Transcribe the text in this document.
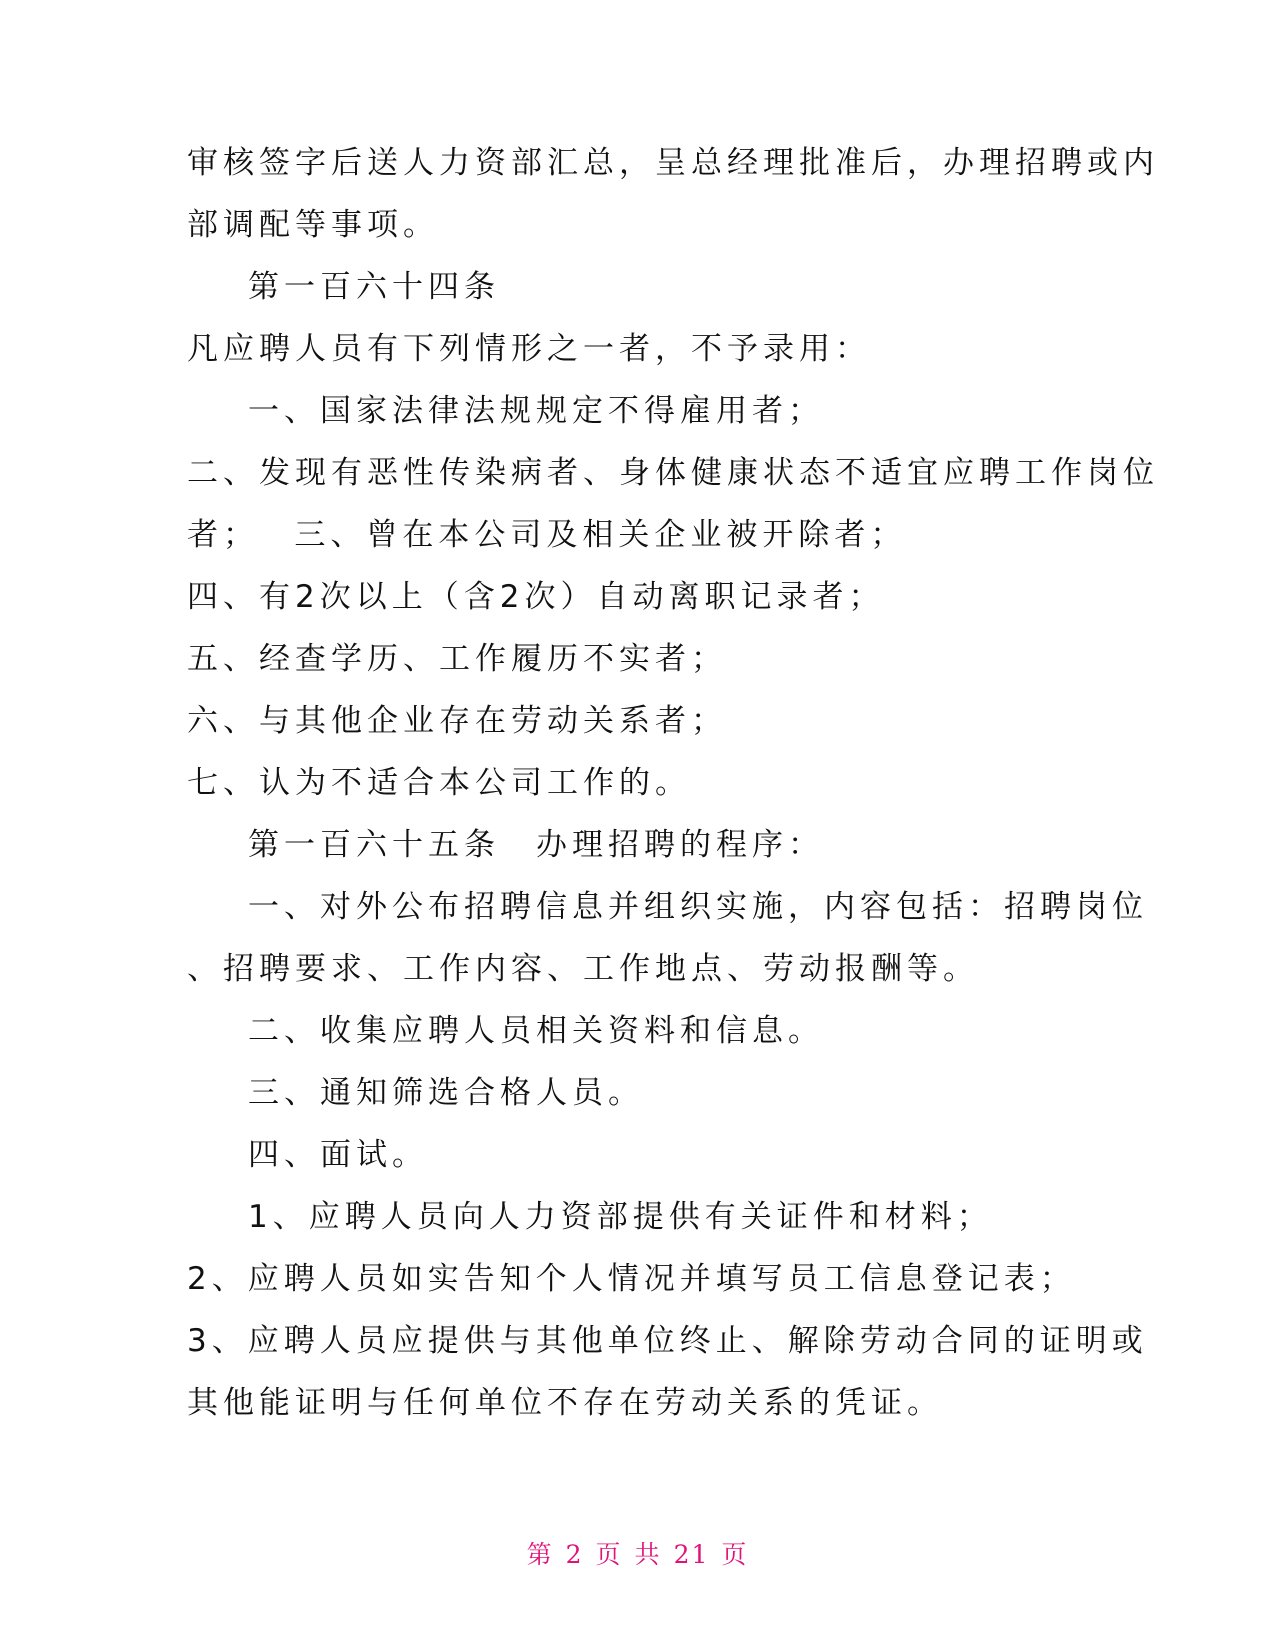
审核签字后送人力资部汇总，呈总经理批准后，办理招聘或内
部调配等事项。
第一百六十四条
凡应聘人员有下列情形之一者，不予录用：
一、国家法律法规规定不得雇用者；
二、发现有恶性传染病者、身体健康状态不适宜应聘工作岗位
者；　 三、曾在本公司及相关企业被开除者；
四、有2次以上（含2次）自动离职记录者；
五、经查学历、工作履历不实者；
六、与其他企业存在劳动关系者；
七、认为不适合本公司工作的。
第一百六十五条　办理招聘的程序：
一、对外公布招聘信息并组织实施，内容包括：招聘岗位
、招聘要求、工作内容、工作地点、劳动报酬等。
二、收集应聘人员相关资料和信息。
三、通知筛选合格人员。
四、面试。
1、应聘人员向人力资部提供有关证件和材料；
2、应聘人员如实告知个人情况并填写员工信息登记表；
3、应聘人员应提供与其他单位终止、解除劳动合同的证明或
其他能证明与任何单位不存在劳动关系的凭证。
第 2 页 共 21 页
